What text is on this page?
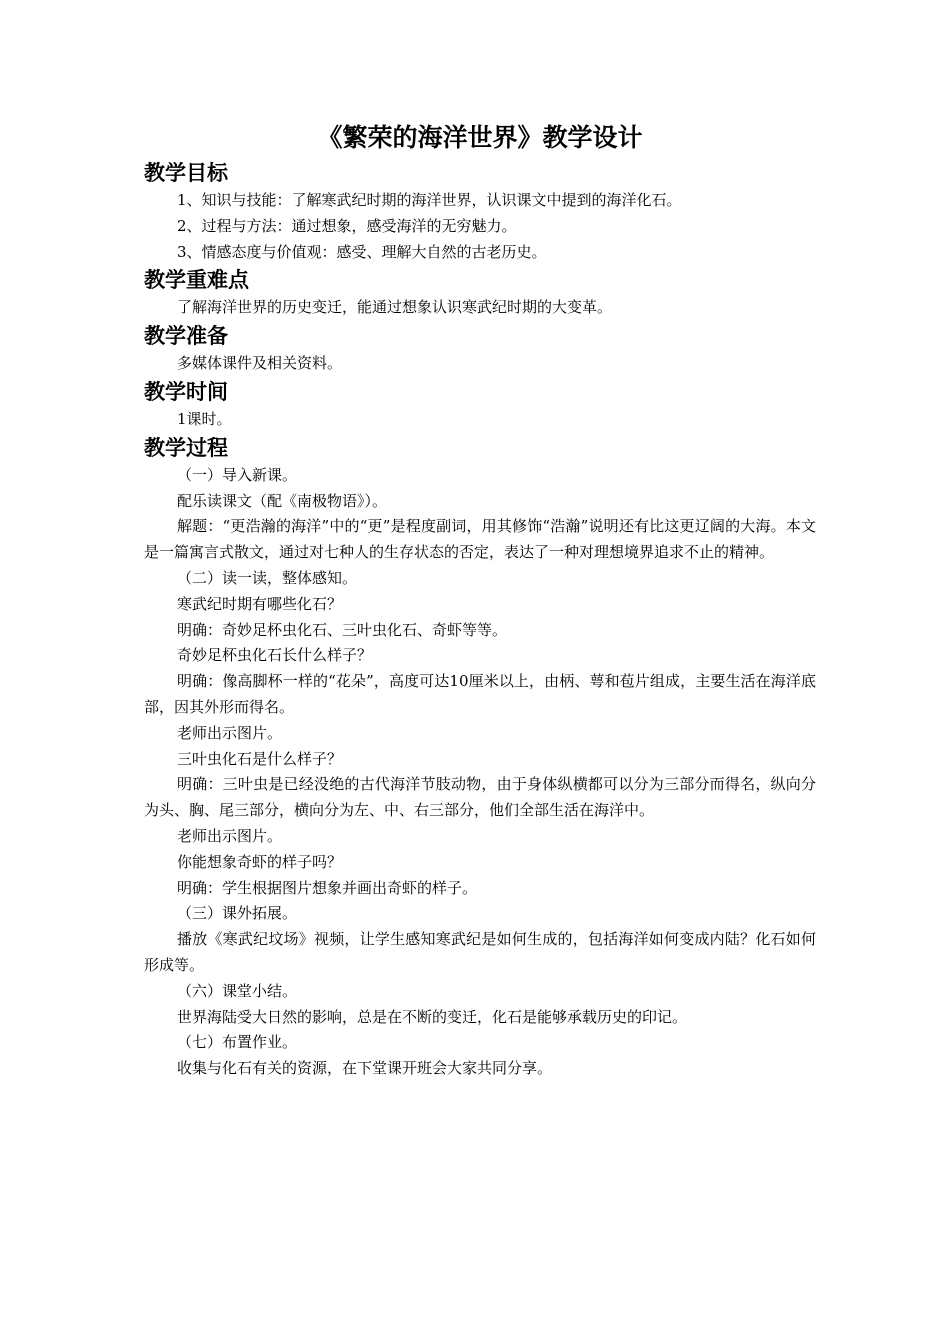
《繁荣的海洋世界》教学设计
教学目标

1、知识与技能：了解寒武纪时期的海洋世界，认识课文中提到的海洋化石。

2、过程与方法：通过想象，感受海洋的无穷魅力。

3、情感态度与价值观：感受、理解大自然的古老历史。

教学重难点

了解海洋世界的历史变迁，能通过想象认识寒武纪时期的大变革。

教学准备

多媒体课件及相关资料。

教学时间

1课时。

教学过程

（一）导入新课。

配乐读课文（配《南极物语》）。

解题：“更浩瀚的海洋”中的“更”是程度副词，用其修饰“浩瀚”说明还有比这更辽阔的大海。本文是一篇寓言式散文，通过对七种人的生存状态的否定，表达了一种对理想境界追求不止的精神。

（二）读一读，整体感知。

寒武纪时期有哪些化石？

明确：奇妙足杯虫化石、三叶虫化石、奇虾等等。

奇妙足杯虫化石长什么样子？

明确：像高脚杯一样的“花朵”，高度可达10厘米以上，由柄、萼和苞片组成，主要生活在海洋底部，因其外形而得名。

老师出示图片。

三叶虫化石是什么样子？

明确：三叶虫是已经没绝的古代海洋节肢动物，由于身体纵横都可以分为三部分而得名，纵向分为头、胸、尾三部分，横向分为左、中、右三部分，他们全部生活在海洋中。

老师出示图片。

你能想象奇虾的样子吗？

明确：学生根据图片想象并画出奇虾的样子。

（三）课外拓展。

播放《寒武纪坟场》视频，让学生感知寒武纪是如何生成的，包括海洋如何变成内陆？化石如何形成等。

（六）课堂小结。

世界海陆受大日然的影响，总是在不断的变迁，化石是能够承载历史的印记。

（七）布置作业。

收集与化石有关的资源，在下堂课开班会大家共同分享。
